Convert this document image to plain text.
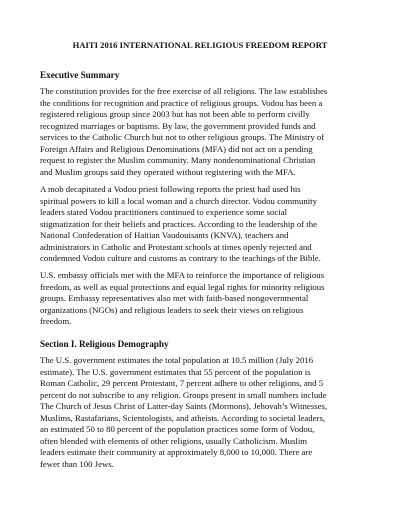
HAITI 2016 INTERNATIONAL RELIGIOUS FREEDOM REPORT
Executive Summary
The constitution provides for the free exercise of all religions. The law establishes
the conditions for recognition and practice of religious groups. Vodou has been a
registered religious group since 2003 but has not been able to perform civilly
recognized marriages or baptisms. By law, the government provided funds and
services to the Catholic Church but not to other religious groups. The Ministry of
Foreign Affairs and Religious Denominations (MFA) did not act on a pending
request to register the Muslim community. Many nondenominational Christian
and Muslim groups said they operated without registering with the MFA.
A mob decapitated a Vodou priest following reports the priest had used his
spiritual powers to kill a local woman and a church director. Vodou community
leaders stated Vodou practitioners continued to experience some social
stigmatization for their beliefs and practices. According to the leadership of the
National Confederation of Haitian Vaudouisants (KNVA), teachers and
administrators in Catholic and Protestant schools at times openly rejected and
condemned Vodou culture and customs as contrary to the teachings of the Bible.
U.S. embassy officials met with the MFA to reinforce the importance of religious
freedom, as well as equal protections and equal legal rights for minority religious
groups. Embassy representatives also met with faith-based nongovernmental
organizations (NGOs) and religious leaders to seek their views on religious
freedom.
Section I. Religious Demography
The U.S. government estimates the total population at 10.5 million (July 2016
estimate). The U.S. government estimates that 55 percent of the population is
Roman Catholic, 29 percent Protestant, 7 percent adhere to other religions, and 5
percent do not subscribe to any religion. Groups present in small numbers include
The Church of Jesus Christ of Latter-day Saints (Mormons), Jehovah’s Witnesses,
Muslims, Rastafarians, Scientologists, and atheists. According to societal leaders,
an estimated 50 to 80 percent of the population practices some form of Vodou,
often blended with elements of other religions, usually Catholicism. Muslim
leaders estimate their community at approximately 8,000 to 10,000. There are
fewer than 100 Jews.
